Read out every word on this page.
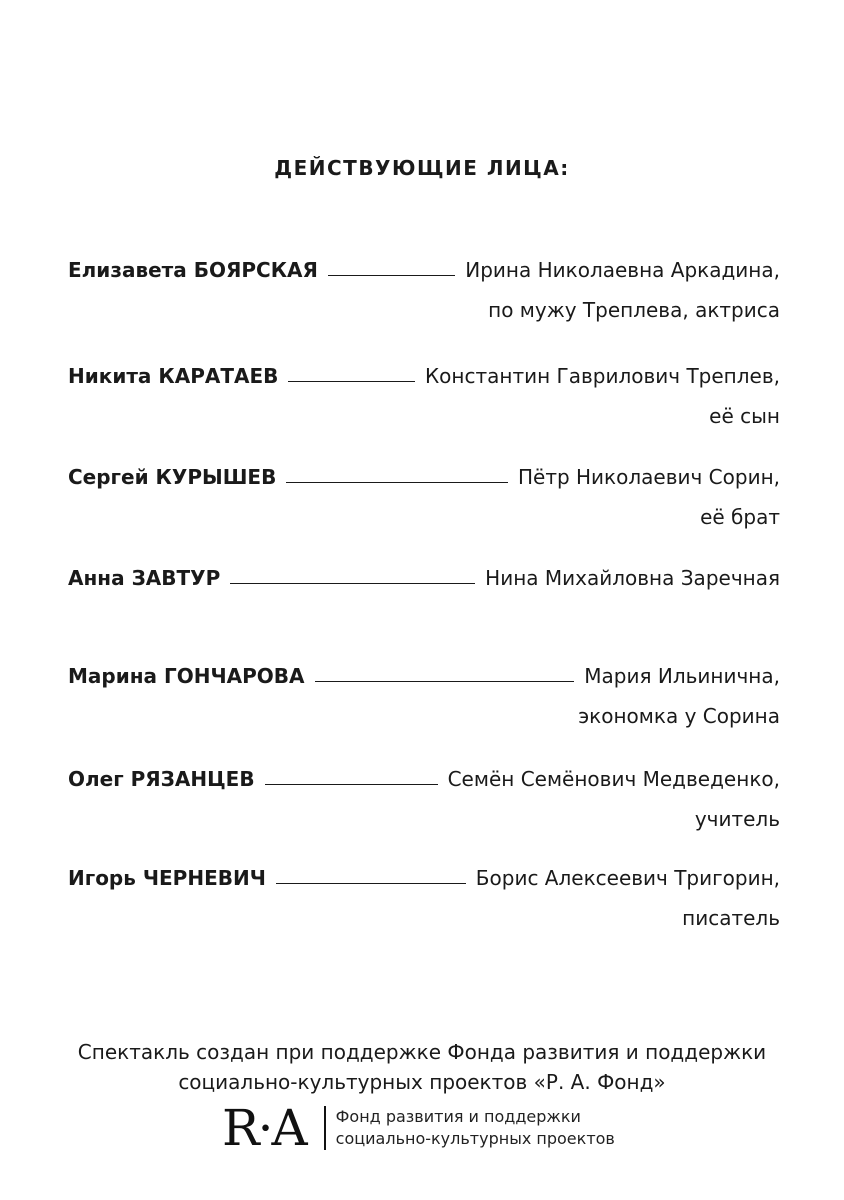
ДЕЙСТВУЮЩИЕ ЛИЦА:
Елизавета БОЯРСКАЯ	Ирина Николаевна Аркадина,
по мужу Треплева, актриса
Никита КАРАТАЕВ	Константин Гаврилович Треплев,
её сын
Сергей КУРЫШЕВ	Пётр Николаевич Сорин,
её брат
Анна ЗАВТУР	Нина Михайловна Заречная
Марина ГОНЧАРОВА	Мария Ильинична,
экономка у Сорина
Олег РЯЗАНЦЕВ	Семён Семёнович Медведенко,
учитель
Игорь ЧЕРНЕВИЧ	Борис Алексеевич Тригорин,
писатель
Спектакль создан при поддержке Фонда развития и поддержки
социально-культурных проектов «Р. А. Фонд»
R·A Фонд развития и поддержки
социально-культурных проектов
